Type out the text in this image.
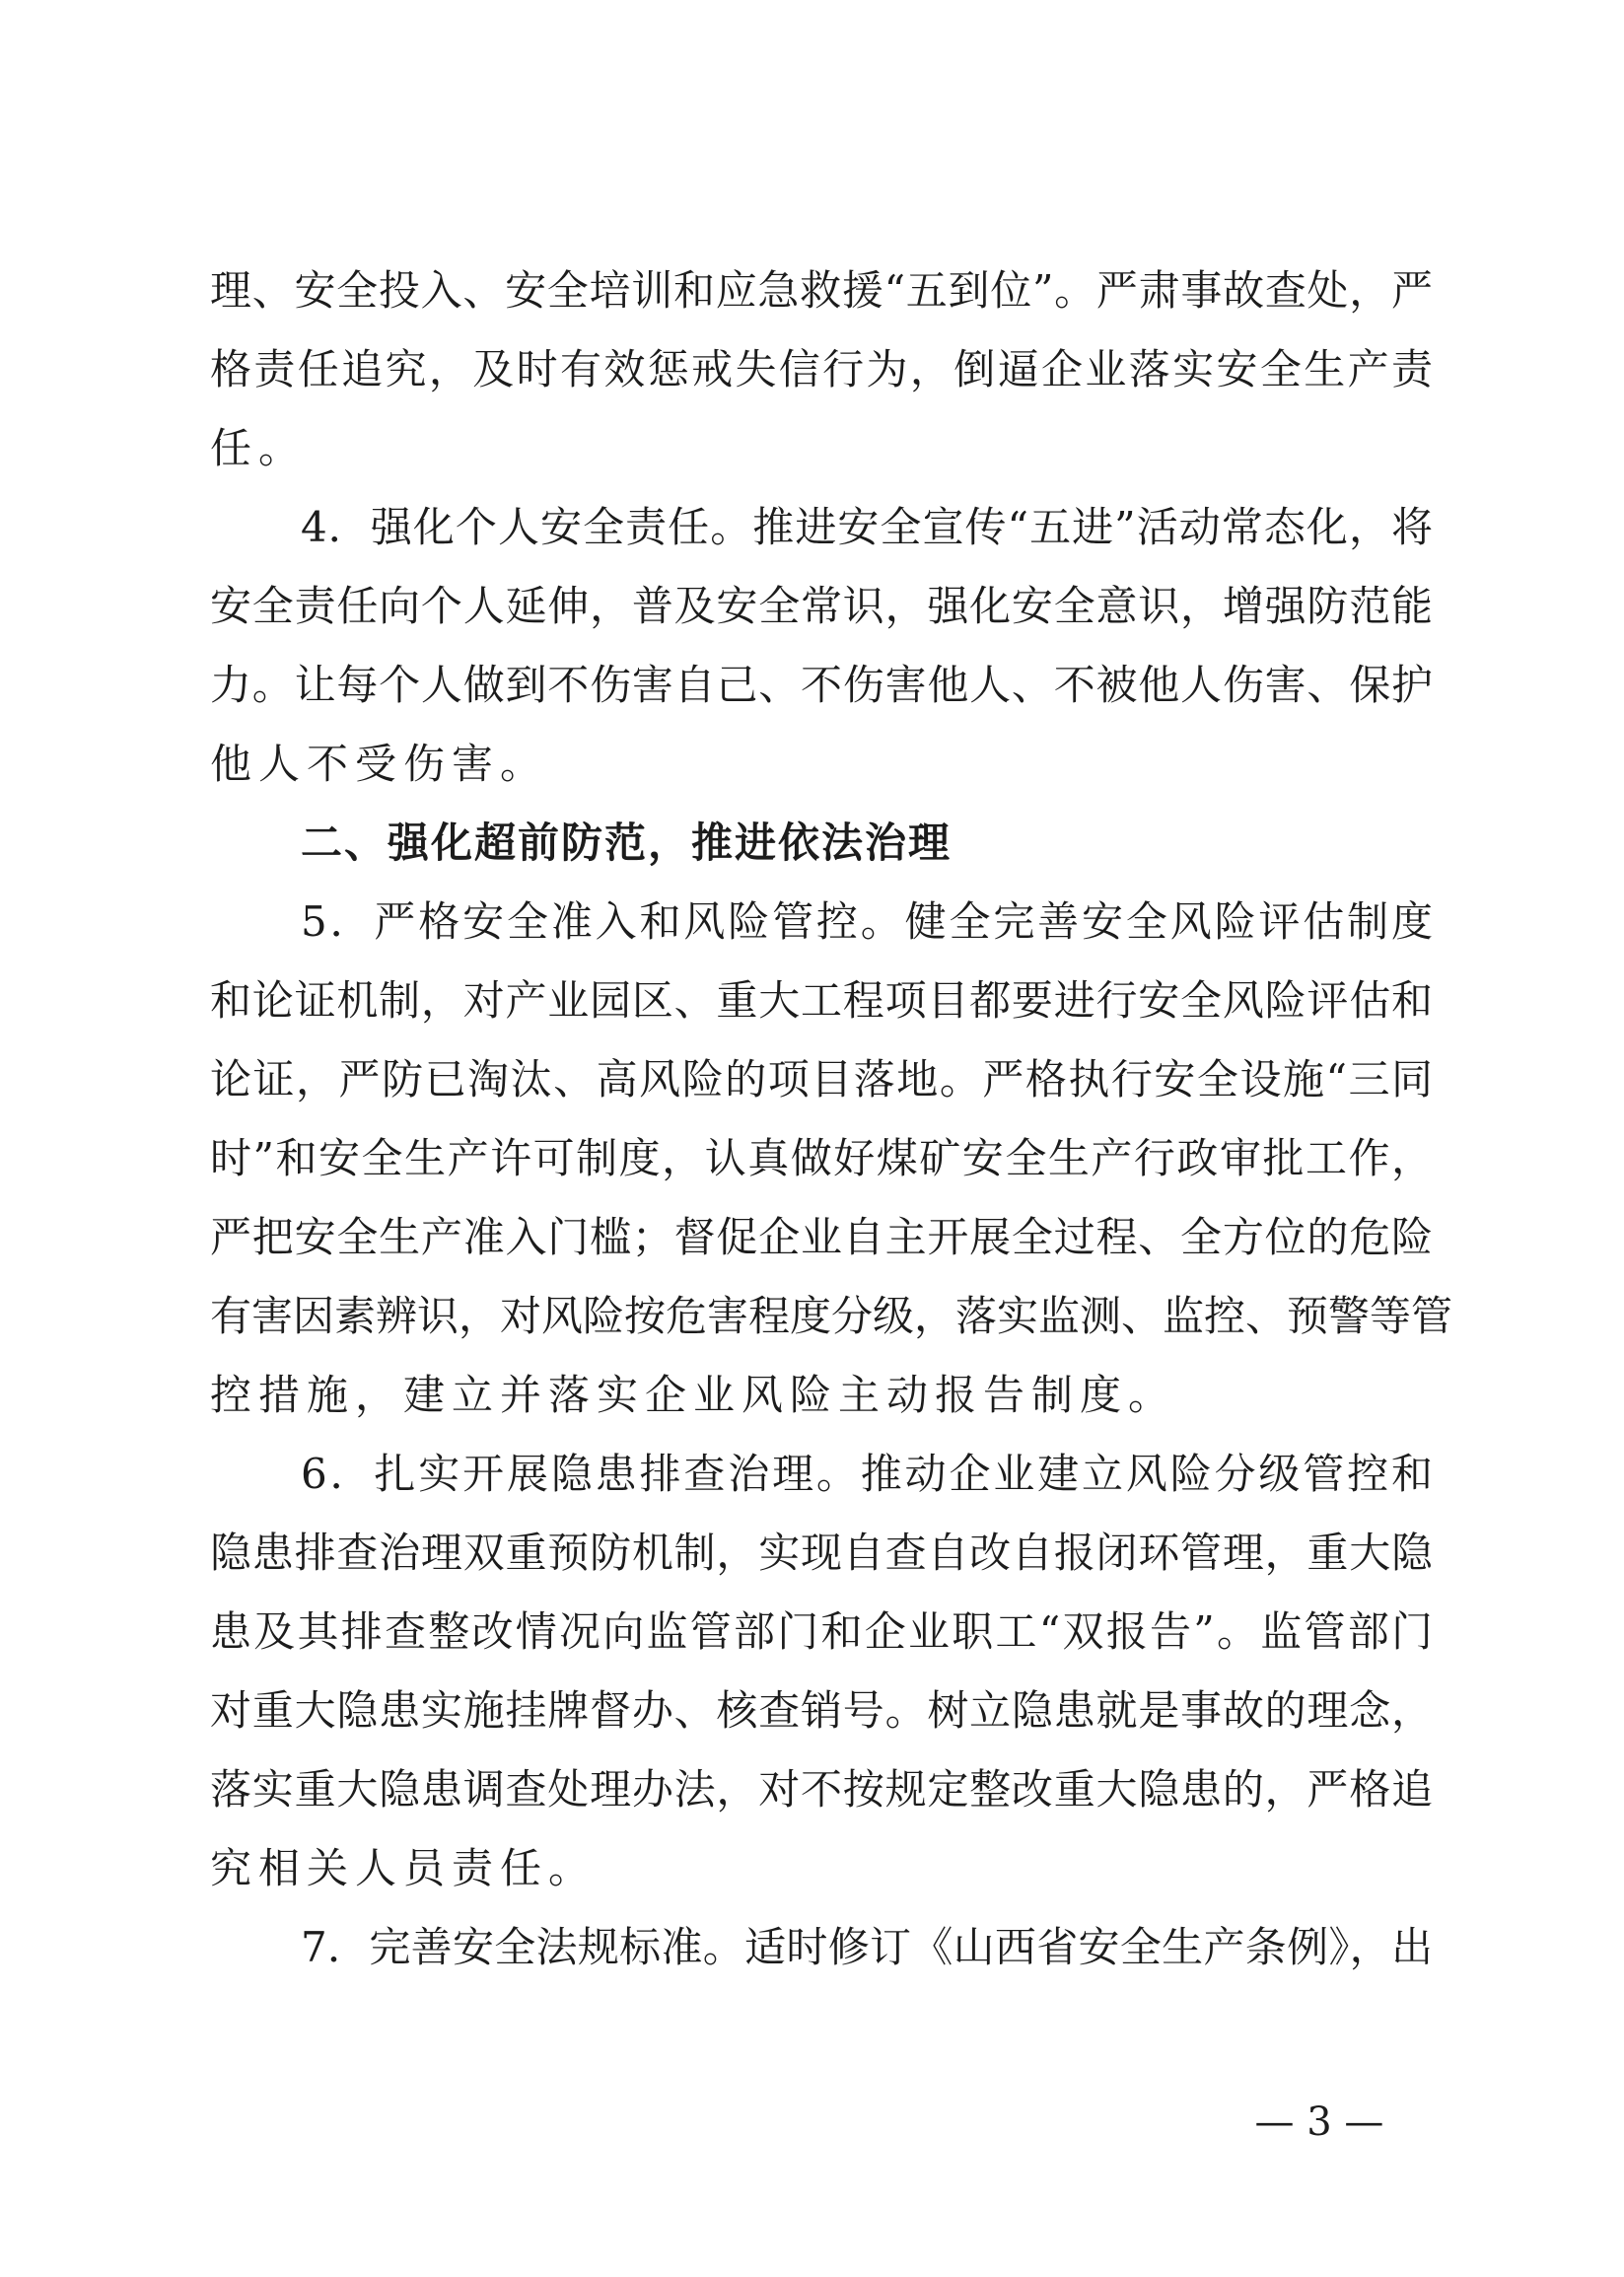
理、安全投入、安全培训和应急救援“五到位”。严肃事故查处，严
格责任追究，及时有效惩戒失信行为，倒逼企业落实安全生产责
任。
4．强化个人安全责任。推进安全宣传“五进”活动常态化，将
安全责任向个人延伸，普及安全常识，强化安全意识，增强防范能
力。让每个人做到不伤害自己、不伤害他人、不被他人伤害、保护
他人不受伤害。
二、强化超前防范，推进依法治理
5．严格安全准入和风险管控。健全完善安全风险评估制度
和论证机制，对产业园区、重大工程项目都要进行安全风险评估和
论证，严防已淘汰、高风险的项目落地。严格执行安全设施“三同
时”和安全生产许可制度，认真做好煤矿安全生产行政审批工作，
严把安全生产准入门槛；督促企业自主开展全过程、全方位的危险
有害因素辨识，对风险按危害程度分级，落实监测、监控、预警等管
控措施，建立并落实企业风险主动报告制度。
6．扎实开展隐患排查治理。推动企业建立风险分级管控和
隐患排查治理双重预防机制，实现自查自改自报闭环管理，重大隐
患及其排查整改情况向监管部门和企业职工“双报告”。监管部门
对重大隐患实施挂牌督办、核查销号。树立隐患就是事故的理念，
落实重大隐患调查处理办法，对不按规定整改重大隐患的，严格追
究相关人员责任。
7．完善安全法规标准。适时修订《山西省安全生产条例》，出
— 3 —
